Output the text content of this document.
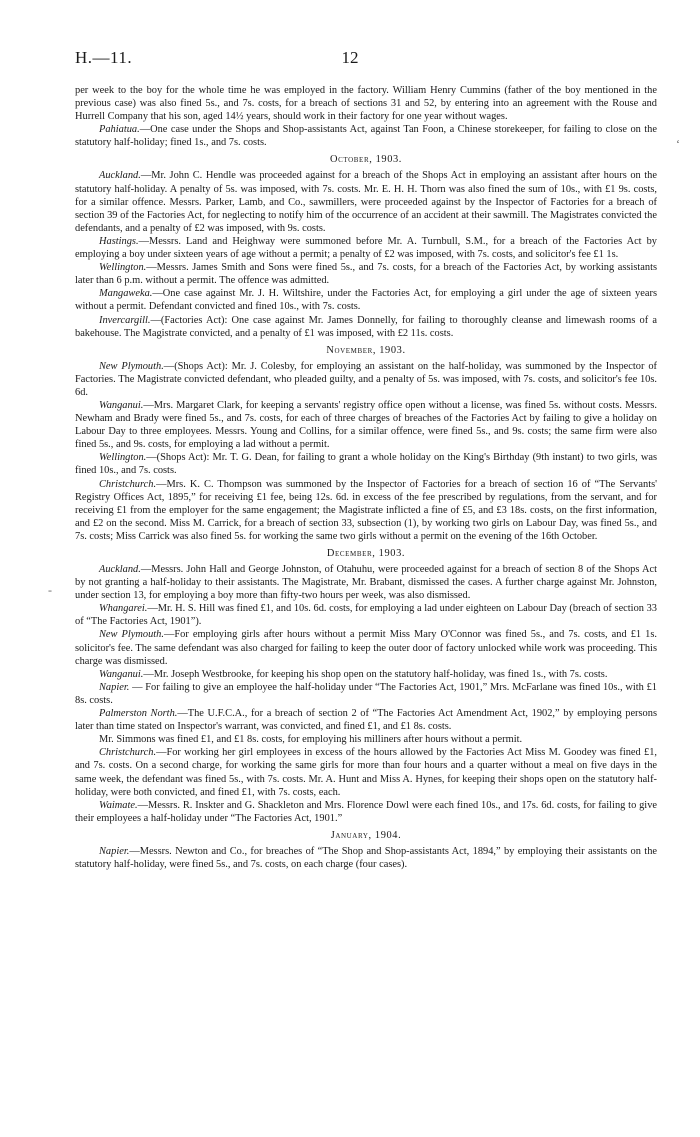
H.—11.	12

per week to the boy for the whole time he was employed in the factory. William Henry Cummins (father of the boy mentioned in the previous case) was also fined 5s., and 7s. costs, for a breach of sections 31 and 52, by entering into an agreement with the Rouse and Hurrell Company that his son, aged 14½ years, should work in their factory for one year without wages.

Pahiatua.—One case under the Shops and Shop-assistants Act, against Tan Foon, a Chinese storekeeper, for failing to close on the statutory half-holiday; fined 1s., and 7s. costs.

October, 1903.

Auckland.—Mr. John C. Hendle was proceeded against for a breach of the Shops Act in employing an assistant after hours on the statutory half-holiday. A penalty of 5s. was imposed, with 7s. costs. Mr. E. H. H. Thorn was also fined the sum of 10s., with £1 9s. costs, for a similar offence. Messrs. Parker, Lamb, and Co., sawmillers, were proceeded against by the Inspector of Factories for a breach of section 39 of the Factories Act, for neglecting to notify him of the occurrence of an accident at their sawmill. The Magistrates convicted the defendants, and a penalty of £2 was imposed, with 9s. costs.

Hastings.—Messrs. Land and Heighway were summoned before Mr. A. Turnbull, S.M., for a breach of the Factories Act by employing a boy under sixteen years of age without a permit; a penalty of £2 was imposed, with 7s. costs, and solicitor's fee £1 1s.

Wellington.—Messrs. James Smith and Sons were fined 5s., and 7s. costs, for a breach of the Factories Act, by working assistants later than 6 p.m. without a permit. The offence was admitted.

Mangaweka.—One case against Mr. J. H. Wiltshire, under the Factories Act, for employing a girl under the age of sixteen years without a permit. Defendant convicted and fined 10s., with 7s. costs.

Invercargill.—(Factories Act): One case against Mr. James Donnelly, for failing to thoroughly cleanse and limewash rooms of a bakehouse. The Magistrate convicted, and a penalty of £1 was imposed, with £2 11s. costs.

November, 1903.

New Plymouth.—(Shops Act): Mr. J. Colesby, for employing an assistant on the half-holiday, was summoned by the Inspector of Factories. The Magistrate convicted defendant, who pleaded guilty, and a penalty of 5s. was imposed, with 7s. costs, and solicitor's fee 10s. 6d.

Wanganui.—Mrs. Margaret Clark, for keeping a servants' registry office open without a license, was fined 5s. without costs. Messrs. Newham and Brady were fined 5s., and 7s. costs, for each of three charges of breaches of the Factories Act by failing to give a holiday on Labour Day to three employees. Messrs. Young and Collins, for a similar offence, were fined 5s., and 9s. costs; the same firm were also fined 5s., and 9s. costs, for employing a lad without a permit.

Wellington.—(Shops Act): Mr. T. G. Dean, for failing to grant a whole holiday on the King's Birthday (9th instant) to two girls, was fined 10s., and 7s. costs.

Christchurch.—Mrs. K. C. Thompson was summoned by the Inspector of Factories for a breach of section 16 of “The Servants' Registry Offices Act, 1895,” for receiving £1 fee, being 12s. 6d. in excess of the fee prescribed by regulations, from the servant, and for receiving £1 from the employer for the same engagement; the Magistrate inflicted a fine of £5, and £3 18s. costs, on the first information, and £2 on the second. Miss M. Carrick, for a breach of section 33, subsection (1), by working two girls on Labour Day, was fined 5s., and 7s. costs; Miss Carrick was also fined 5s. for working the same two girls without a permit on the evening of the 16th October.

December, 1903.

Auckland.—Messrs. John Hall and George Johnston, of Otahuhu, were proceeded against for a breach of section 8 of the Shops Act by not granting a half-holiday to their assistants. The Magistrate, Mr. Brabant, dismissed the cases. A further charge against Mr. Johnston, under section 13, for employing a boy more than fifty-two hours per week, was also dismissed.

Whangarei.—Mr. H. S. Hill was fined £1, and 10s. 6d. costs, for employing a lad under eighteen on Labour Day (breach of section 33 of “The Factories Act, 1901”).

New Plymouth.—For employing girls after hours without a permit Miss Mary O'Connor was fined 5s., and 7s. costs, and £1 1s. solicitor's fee. The same defendant was also charged for failing to keep the outer door of factory unlocked while work was proceeding. This charge was dismissed.

Wanganui.—Mr. Joseph Westbrooke, for keeping his shop open on the statutory half-holiday, was fined 1s., with 7s. costs.

Napier. — For failing to give an employee the half-holiday under “The Factories Act, 1901,” Mrs. McFarlane was fined 10s., with £1 8s. costs.

Palmerston North.—The U.F.C.A., for a breach of section 2 of “The Factories Act Amendment Act, 1902,” by employing persons later than time stated on Inspector's warrant, was convicted, and fined £1, and £1 8s. costs.

Mr. Simmons was fined £1, and £1 8s. costs, for employing his milliners after hours without a permit.

Christchurch.—For working her girl employees in excess of the hours allowed by the Factories Act Miss M. Goodey was fined £1, and 7s. costs. On a second charge, for working the same girls for more than four hours and a quarter without a meal on five days in the same week, the defendant was fined 5s., with 7s. costs. Mr. A. Hunt and Miss A. Hynes, for keeping their shops open on the statutory half-holiday, were both convicted, and fined £1, with 7s. costs, each.

Waimate.—Messrs. R. Inskter and G. Shackleton and Mrs. Florence Dowl were each fined 10s., and 17s. 6d. costs, for failing to give their employees a half-holiday under “The Factories Act, 1901.”

January, 1904.

Napier.—Messrs. Newton and Co., for breaches of “The Shop and Shop-assistants Act, 1894,” by employing their assistants on the statutory half-holiday, were fined 5s., and 7s. costs, on each charge (four cases).

‘
-
